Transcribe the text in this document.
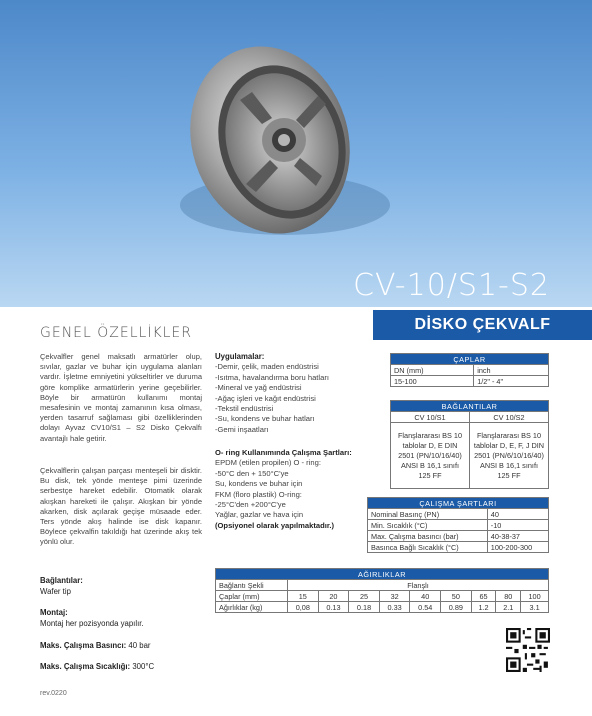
CV-10/S1-S2
DİSKO ÇEKVALF
GENEL ÖZELLİKLER
Çekvalfler genel maksatlı armatürler olup, sıvılar, gazlar ve buhar için uygulama alanları vardır. İşletme emniyetini yükseltirler ve duruma göre komplike armatürlerin yerine geçebilirler. Böyle bir armatürün kullanımı montaj mesafesinin ve montaj zamanının kısa olması, yerden tasarruf sağlaması gibi özelliklerinden dolayı Ayvaz CV10/S1 – S2 Disko Çekvalfı avantajlı hale getirir.
Çekvalflerin çalışan parçası menteşeli bir disktir. Bu disk, tek yönde menteşe pimi üzerinde serbestçe hareket edebilir. Otomatik olarak akışkan hareketi ile çalışır. Akışkan bir yönde akarken, disk açılarak geçişe müsaade eder. Ters yönde akış halinde ise disk kapanır. Böylece çekvalfin takıldığı hat üzerinde akış tek yönlü olur.
Bağlantılar:
Wafer tip
Montaj:
Montaj her pozisyonda yapılır.
Maks. Çalışma Basıncı: 40 bar
Maks. Çalışma Sıcaklığı: 300°C
Uygulamalar:
-Demir, çelik, maden endüstrisi
-Isıtma, havalandırma boru hatları
-Mineral ve yağ endüstrisi
-Ağaç işleri ve kağıt endüstrisi
-Tekstil endüstrisi
-Su, kondens ve buhar hatları
-Gemi inşaatları
O- ring Kullanımında Çalışma Şartları:
EPDM (etilen propilen) O - ring:
-50°C den + 150°C'ye
Su, kondens ve buhar için
FKM (floro plastik) O-ring:
-25°C'den +200°C'ye
Yağlar, gazlar ve hava için
(Opsiyonel olarak yapılmaktadır.)
ÇAPLAR	
DN (mm)	inch
15-100	1/2" - 4"
BAĞLANTILAR	
CV 10/S1	CV 10/S2
Flanşlararası BS 10 tablolar D, E DIN 2501 (PN/10/16/40) ANSI B 16,1 sınıfı 125 FF	Flanşlararası BS 10 tablolar D, E, F, J DIN 2501 (PN/6/10/16/40) ANSI B 16,1 sınıfı 125 FF
ÇALIŞMA ŞARTLARI	
Nominal Basınç (PN)	40
Min. Sıcaklık (°C)	-10
Max. Çalışma basıncı (bar)	40-38-37
Basınca Bağlı Sıcaklık (°C)	100-200-300
AĞIRLIKLAR									
Bağlantı Şekli	Flanşlı								
Çaplar (mm)	15	20	25	32	40	50	65	80	100
Ağırlıklar (kg)	0,08	0.13	0.18	0.33	0.54	0.89	1.2	2.1	3.1
rev.0220
